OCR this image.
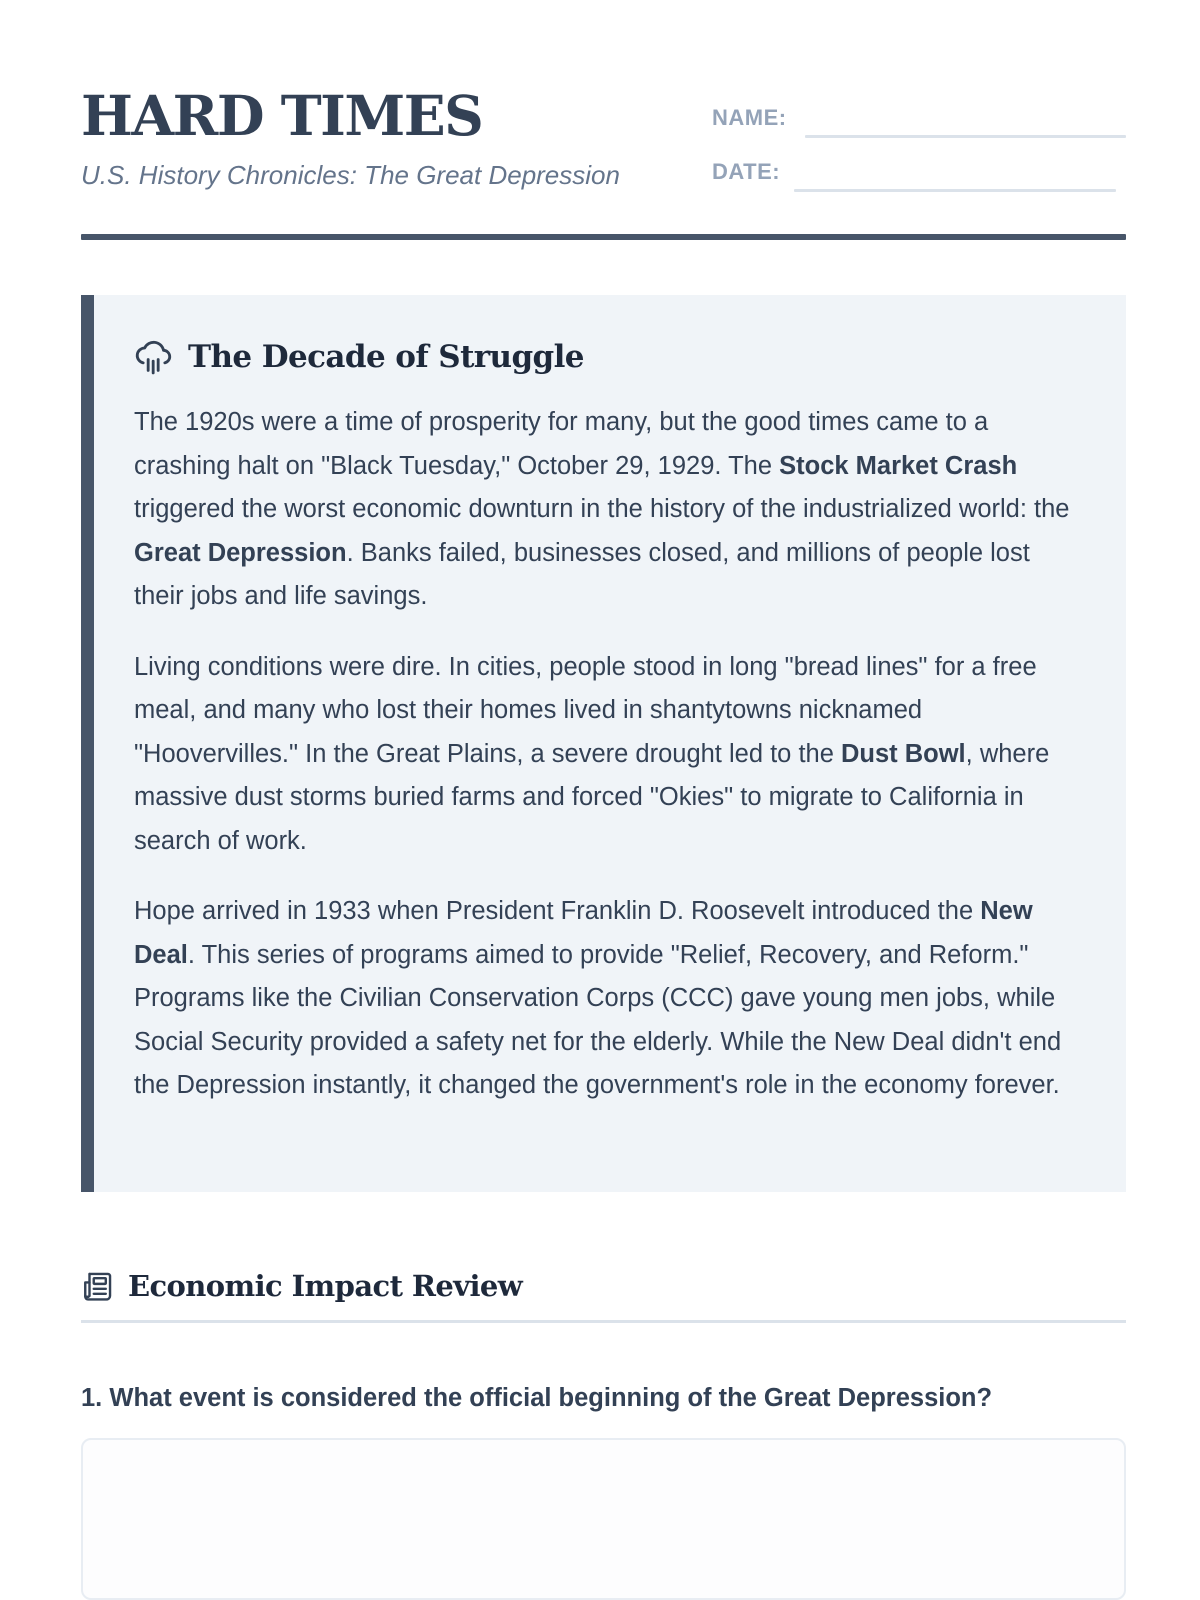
HARD TIMES
U.S. History Chronicles: The Great Depression
NAME:
DATE:
The Decade of Struggle

The 1920s were a time of prosperity for many, but the good times came to a crashing halt on "Black Tuesday," October 29, 1929. The Stock Market Crash triggered the worst economic downturn in the history of the industrialized world: the Great Depression. Banks failed, businesses closed, and millions of people lost their jobs and life savings.

Living conditions were dire. In cities, people stood in long "bread lines" for a free meal, and many who lost their homes lived in shantytowns nicknamed "Hoovervilles." In the Great Plains, a severe drought led to the Dust Bowl, where massive dust storms buried farms and forced "Okies" to migrate to California in search of work.

Hope arrived in 1933 when President Franklin D. Roosevelt introduced the New Deal. This series of programs aimed to provide "Relief, Recovery, and Reform." Programs like the Civilian Conservation Corps (CCC) gave young men jobs, while Social Security provided a safety net for the elderly. While the New Deal didn't end the Depression instantly, it changed the government's role in the economy forever.

Economic Impact Review
1. What event is considered the official beginning of the Great Depression?
